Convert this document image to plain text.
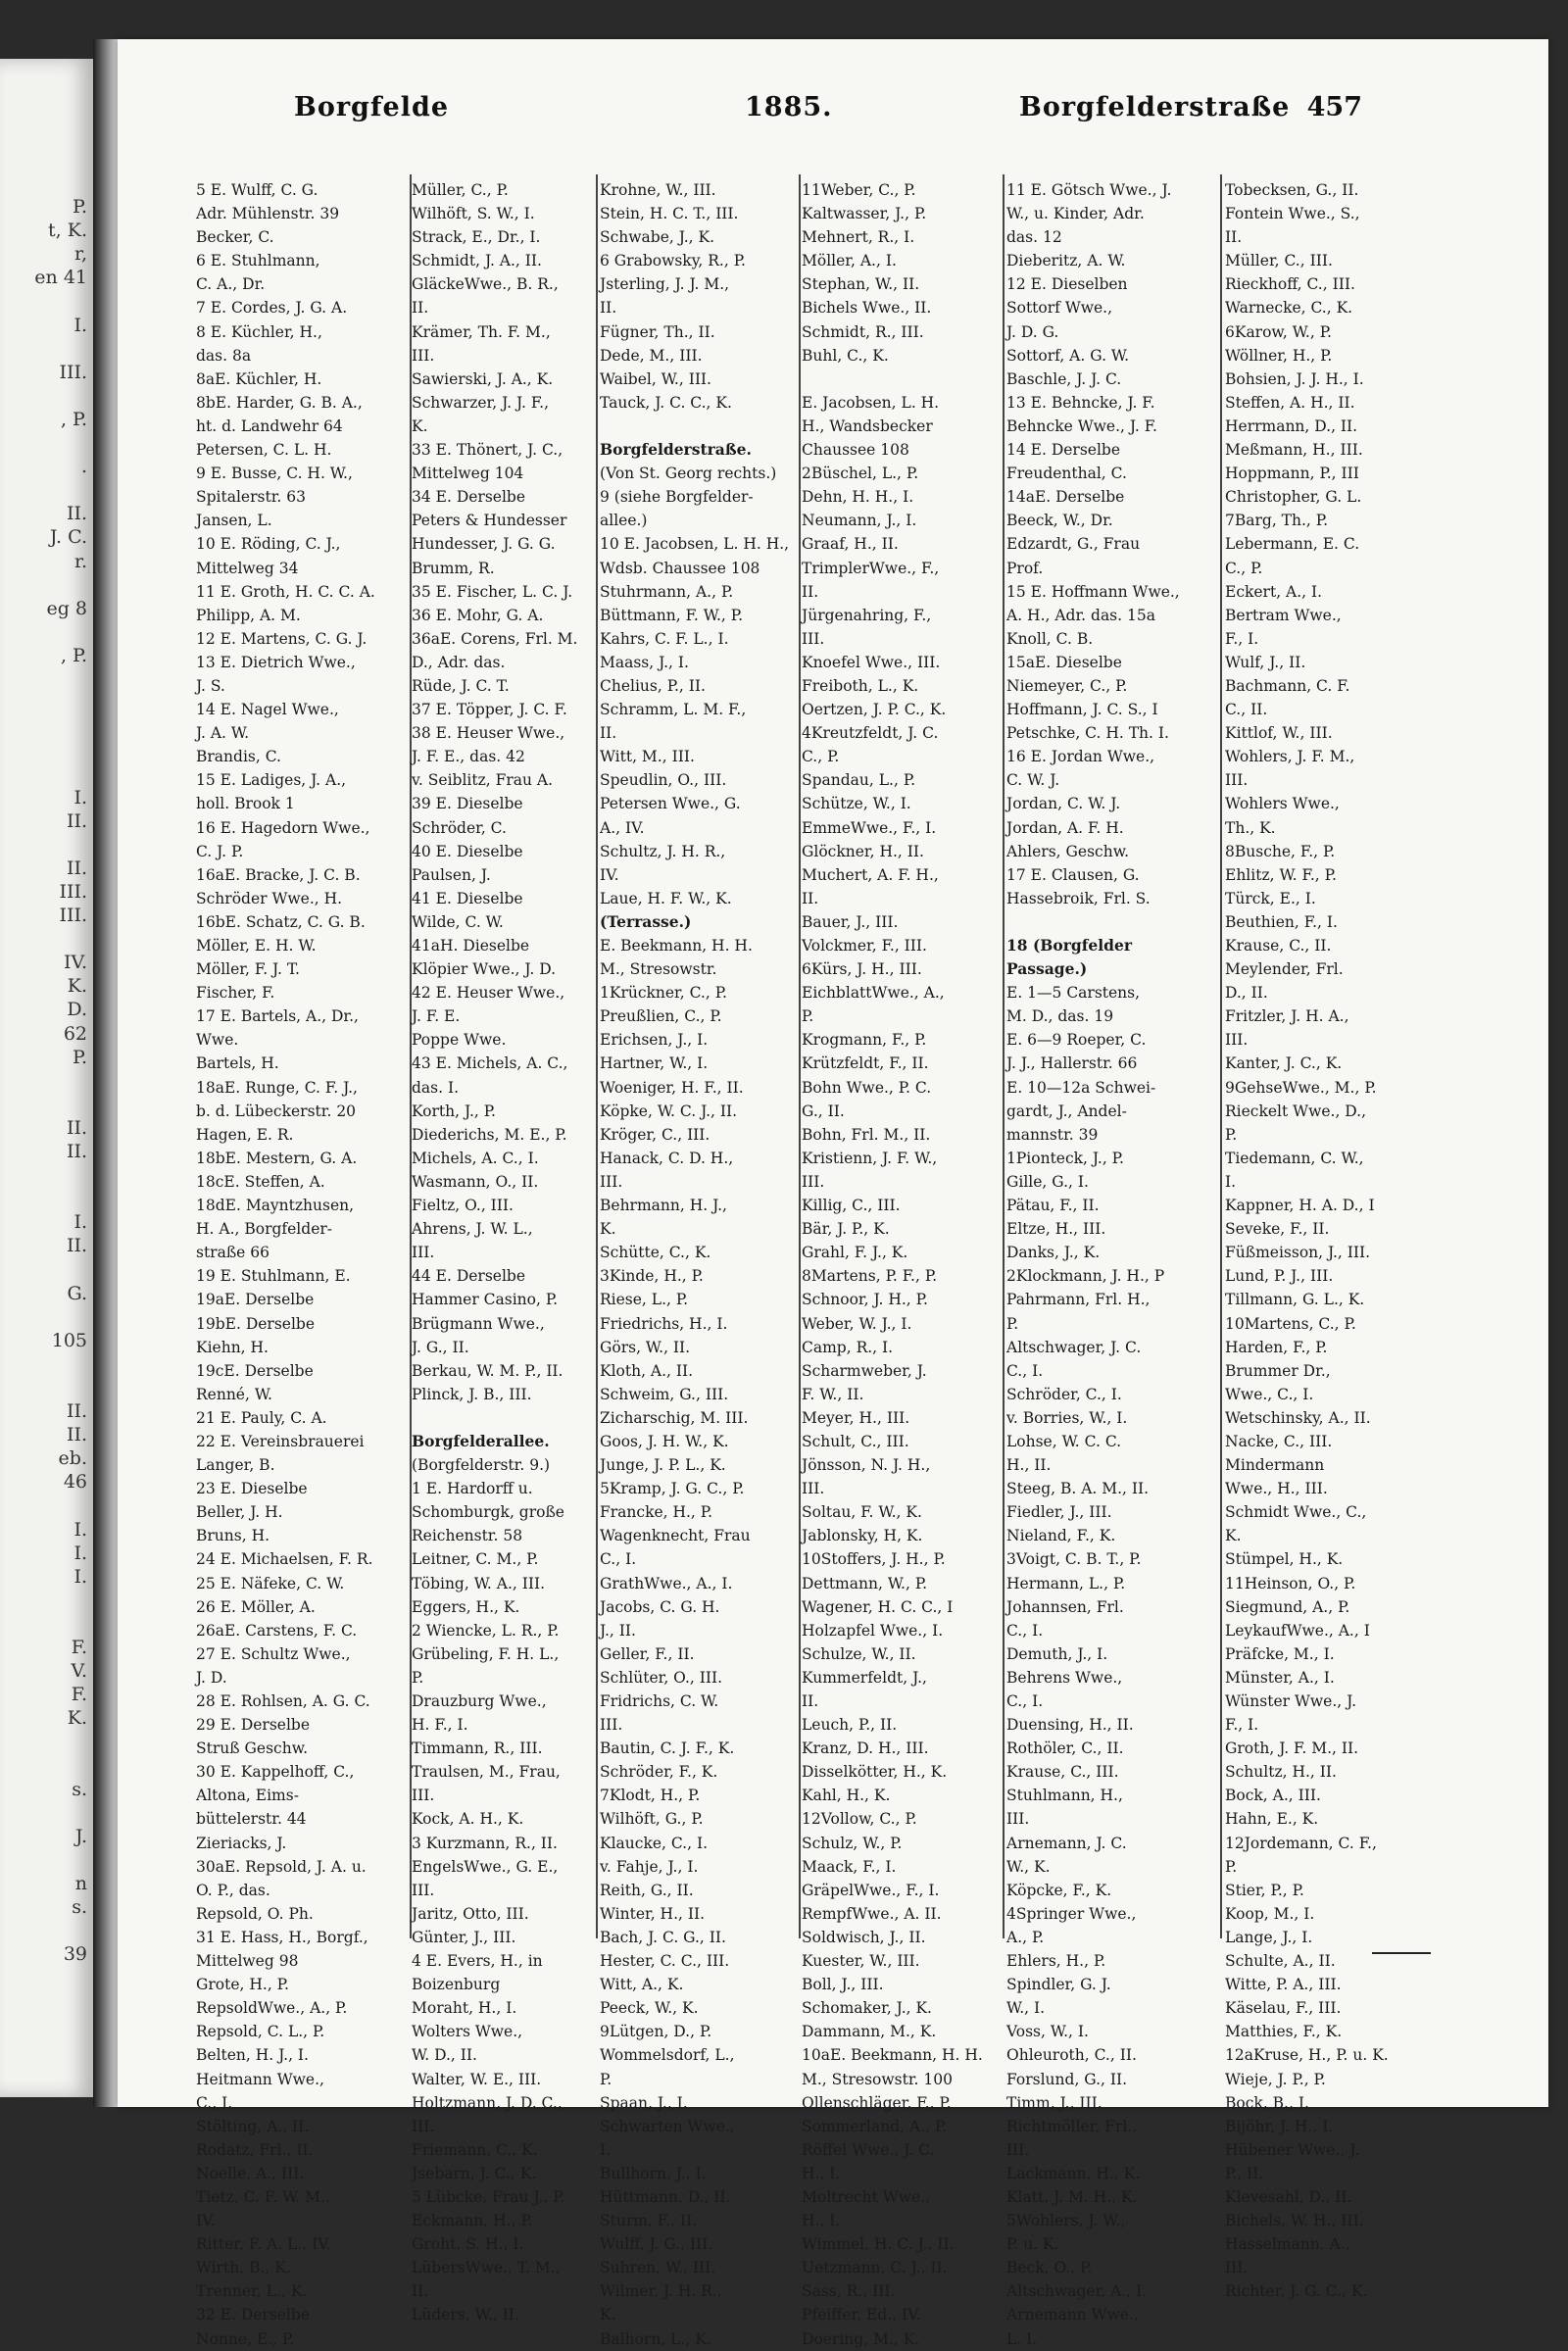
P.
t, K.
r,
en 41
I.
III.
, P.
.
II.
J. C.
r.
eg 8
, P.
I.
II.
II.
III.
III.
IV.
K.
D.
62
P.
II.
II.
I.
II.
G.
105
II.
II.
eb.
46
I.
I.
I.
F.
V.
F.
K.
s.
J.
n
s.
39
Borgfelde	1885.	Borgfelderstraße 457
5 E. Wulff, C. G.
Adr. Mühlenstr. 39
Becker, C.
6 E. Stuhlmann,
C. A., Dr.
7 E. Cordes, J. G. A.
8 E. Küchler, H.,
das. 8a
8aE. Küchler, H.
8bE. Harder, G. B. A.,
ht. d. Landwehr 64
Petersen, C. L. H.
9 E. Busse, C. H. W.,
Spitalerstr. 63
Jansen, L.
10 E. Röding, C. J.,
Mittelweg 34
11 E. Groth, H. C. C. A.
Philipp, A. M.
12 E. Martens, C. G. J.
13 E. Dietrich Wwe.,
J. S.
14 E. Nagel Wwe.,
J. A. W.
Brandis, C.
15 E. Ladiges, J. A.,
holl. Brook 1
16 E. Hagedorn Wwe.,
C. J. P.
16aE. Bracke, J. C. B.
Schröder Wwe., H.
16bE. Schatz, C. G. B.
Möller, E. H. W.
Möller, F. J. T.
Fischer, F.
17 E. Bartels, A., Dr.,
Wwe.
Bartels, H.
18aE. Runge, C. F. J.,
b. d. Lübeckerstr. 20
Hagen, E. R.
18bE. Mestern, G. A.
18cE. Steffen, A.
18dE. Mayntzhusen,
H. A., Borgfelder-
straße 66
19 E. Stuhlmann, E.
19aE. Derselbe
19bE. Derselbe
Kiehn, H.
19cE. Derselbe
Renné, W.
21 E. Pauly, C. A.
22 E. Vereinsbrauerei
Langer, B.
23 E. Dieselbe
Beller, J. H.
Bruns, H.
24 E. Michaelsen, F. R.
25 E. Näfeke, C. W.
26 E. Möller, A.
26aE. Carstens, F. C.
27 E. Schultz Wwe.,
J. D.
28 E. Rohlsen, A. G. C.
29 E. Derselbe
Struß Geschw.
30 E. Kappelhoff, C.,
Altona, Eims-
büttelerstr. 44
Zieriacks, J.
30aE. Repsold, J. A. u.
O. P., das.
Repsold, O. Ph.
31 E. Hass, H., Borgf.,
Mittelweg 98
Grote, H., P.
RepsoldWwe., A., P.
Repsold, C. L., P.
Belten, H. J., I.
Heitmann Wwe.,
C., I.
Stölting, A., II.
Rodatz, Frl., II.
Noelle, A., III.
Tietz, C. F. W. M.,
IV.
Ritter, F. A. L., IV.
Wirth, B., K.
Trenner, L., K.
32 E. Derselbe
Nonne, E., P.
Müller, C., P.
Wilhöft, S. W., I.
Strack, E., Dr., I.
Schmidt, J. A., II.
GläckeWwe., B. R.,
II.
Krämer, Th. F. M.,
III.
Sawierski, J. A., K.
Schwarzer, J. J. F.,
K.
33 E. Thönert, J. C.,
Mittelweg 104
34 E. Derselbe
Peters & Hundesser
Hundesser, J. G. G.
Brumm, R.
35 E. Fischer, L. C. J.
36 E. Mohr, G. A.
36aE. Corens, Frl. M.
D., Adr. das.
Rüde, J. C. T.
37 E. Töpper, J. C. F.
38 E. Heuser Wwe.,
J. F. E., das. 42
v. Seiblitz, Frau A.
39 E. Dieselbe
Schröder, C.
40 E. Dieselbe
Paulsen, J.
41 E. Dieselbe
Wilde, C. W.
41aH. Dieselbe
Klöpier Wwe., J. D.
42 E. Heuser Wwe.,
J. F. E.
Poppe Wwe.
43 E. Michels, A. C.,
das. I.
Korth, J., P.
Diederichs, M. E., P.
Michels, A. C., I.
Wasmann, O., II.
Fieltz, O., III.
Ahrens, J. W. L.,
III.
44 E. Derselbe
Hammer Casino, P.
Brügmann Wwe.,
J. G., II.
Berkau, W. M. P., II.
Plinck, J. B., III.

Borgfelderallee.
(Borgfelderstr. 9.)
1 E. Hardorff u.
Schomburgk, große
Reichenstr. 58
Leitner, C. M., P.
Töbing, W. A., III.
Eggers, H., K.
2 Wiencke, L. R., P.
Grübeling, F. H. L.,
P.
Drauzburg Wwe.,
H. F., I.
Timmann, R., III.
Traulsen, M., Frau,
III.
Kock, A. H., K.
3 Kurzmann, R., II.
EngelsWwe., G. E.,
III.
Jaritz, Otto, III.
Günter, J., III.
4 E. Evers, H., in
Boizenburg
Moraht, H., I.
Wolters Wwe.,
W. D., II.
Walter, W. E., III.
Holtzmann, J. D. C.,
III.
Friemann, C., K.
Jsebarn, J. C., K.
5 Lübcke, Frau J., P.
Eckmann, H., P.
Groht, S. H., I.
LübersWwe., T. M.,
II.
Lüders, W., II.
Krohne, W., III.
Stein, H. C. T., III.
Schwabe, J., K.
6 Grabowsky, R., P.
Jsterling, J. J. M.,
II.
Fügner, Th., II.
Dede, M., III.
Waibel, W., III.
Tauck, J. C. C., K.

Borgfelderstraße.
(Von St. Georg rechts.)
9 (siehe Borgfelder-
allee.)
10 E. Jacobsen, L. H. H.,
Wdsb. Chaussee 108
Stuhrmann, A., P.
Büttmann, F. W., P.
Kahrs, C. F. L., I.
Maass, J., I.
Chelius, P., II.
Schramm, L. M. F.,
II.
Witt, M., III.
Speudlin, O., III.
Petersen Wwe., G.
A., IV.
Schultz, J. H. R.,
IV.
Laue, H. F. W., K.
(Terrasse.)
E. Beekmann, H. H.
M., Stresowstr.
1Krückner, C., P.
Preußlien, C., P.
Erichsen, J., I.
Hartner, W., I.
Woeniger, H. F., II.
Köpke, W. C. J., II.
Kröger, C., III.
Hanack, C. D. H.,
III.
Behrmann, H. J.,
K.
Schütte, C., K.
3Kinde, H., P.
Riese, L., P.
Friedrichs, H., I.
Görs, W., II.
Kloth, A., II.
Schweim, G., III.
Zicharschig, M. III.
Goos, J. H. W., K.
Junge, J. P. L., K.
5Kramp, J. G. C., P.
Francke, H., P.
Wagenknecht, Frau
C., I.
GrathWwe., A., I.
Jacobs, C. G. H.
J., II.
Geller, F., II.
Schlüter, O., III.
Fridrichs, C. W.
III.
Bautin, C. J. F., K.
Schröder, F., K.
7Klodt, H., P.
Wilhöft, G., P.
Klaucke, C., I.
v. Fahje, J., I.
Reith, G., II.
Winter, H., II.
Bach, J. C. G., II.
Hester, C. C., III.
Witt, A., K.
Peeck, W., K.
9Lütgen, D., P.
Wommelsdorf, L.,
P.
Spaan, J., I.
Schwarten Wwe.,
I.
Bullhorn, J., I.
Hüttmann, D., II.
Sturm, F., II.
Wulff, J. G., III.
Suhren, W., III.
Wilmer, J. H. R.,
K.
Balhorn, L., K.
11Weber, C., P.
Kaltwasser, J., P.
Mehnert, R., I.
Möller, A., I.
Stephan, W., II.
Bichels Wwe., II.
Schmidt, R., III.
Buhl, C., K.

E. Jacobsen, L. H.
H., Wandsbecker
Chaussee 108
2Büschel, L., P.
Dehn, H. H., I.
Neumann, J., I.
Graaf, H., II.
TrimplerWwe., F.,
II.
Jürgenahring, F.,
III.
Knoefel Wwe., III.
Freiboth, L., K.
Oertzen, J. P. C., K.
4Kreutzfeldt, J. C.
C., P.
Spandau, L., P.
Schütze, W., I.
EmmeWwe., F., I.
Glöckner, H., II.
Muchert, A. F. H.,
II.
Bauer, J., III.
Volckmer, F., III.
6Kürs, J. H., III.
EichblattWwe., A.,
P.
Krogmann, F., P.
Krützfeldt, F., II.
Bohn Wwe., P. C.
G., II.
Bohn, Frl. M., II.
Kristienn, J. F. W.,
III.
Killig, C., III.
Bär, J. P., K.
Grahl, F. J., K.
8Martens, P. F., P.
Schnoor, J. H., P.
Weber, W. J., I.
Camp, R., I.
Scharmweber, J.
F. W., II.
Meyer, H., III.
Schult, C., III.
Jönsson, N. J. H.,
III.
Soltau, F. W., K.
Jablonsky, H, K.
10Stoffers, J. H., P.
Dettmann, W., P.
Wagener, H. C. C., I
Holzapfel Wwe., I.
Schulze, W., II.
Kummerfeldt, J.,
II.
Leuch, P., II.
Kranz, D. H., III.
Disselkötter, H., K.
Kahl, H., K.
12Vollow, C., P.
Schulz, W., P.
Maack, F., I.
GräpelWwe., F., I.
RempfWwe., A. II.
Soldwisch, J., II.
Kuester, W., III.
Boll, J., III.
Schomaker, J., K.
Dammann, M., K.
10aE. Beekmann, H. H.
M., Stresowstr. 100
Ollenschläger, F., P.
Sommerland, A., P.
Röffel Wwe., J. C.
H., I.
Moltrecht Wwe.,
H., I.
Wimmel, H. C. J., II.
Uetzmann, C. J., II.
Sass, R., III.
Pfeiffer, Ed., IV.
Doering, M., K.
11 E. Götsch Wwe., J.
W., u. Kinder, Adr.
das. 12
Dieberitz, A. W.
12 E. Dieselben
Sottorf Wwe.,
J. D. G.
Sottorf, A. G. W.
Baschle, J. J. C.
13 E. Behncke, J. F.
Behncke Wwe., J. F.
14 E. Derselbe
Freudenthal, C.
14aE. Derselbe
Beeck, W., Dr.
Edzardt, G., Frau
Prof.
15 E. Hoffmann Wwe.,
A. H., Adr. das. 15a
Knoll, C. B.
15aE. Dieselbe
Niemeyer, C., P.
Hoffmann, J. C. S., I
Petschke, C. H. Th. I.
16 E. Jordan Wwe.,
C. W. J.
Jordan, C. W. J.
Jordan, A. F. H.
Ahlers, Geschw.
17 E. Clausen, G.
Hassebroik, Frl. S.

18 (Borgfelder
Passage.)
E. 1—5 Carstens,
M. D., das. 19
E. 6—9 Roeper, C.
J. J., Hallerstr. 66
E. 10—12a Schwei-
gardt, J., Andel-
mannstr. 39
1Pionteck, J., P.
Gille, G., I.
Pätau, F., II.
Eltze, H., III.
Danks, J., K.
2Klockmann, J. H., P
Pahrmann, Frl. H.,
P.
Altschwager, J. C.
C., I.
Schröder, C., I.
v. Borries, W., I.
Lohse, W. C. C.
H., II.
Steeg, B. A. M., II.
Fiedler, J., III.
Nieland, F., K.
3Voigt, C. B. T., P.
Hermann, L., P.
Johannsen, Frl.
C., I.
Demuth, J., I.
Behrens Wwe.,
C., I.
Duensing, H., II.
Rothöler, C., II.
Krause, C., III.
Stuhlmann, H.,
III.
Arnemann, J. C.
W., K.
Köpcke, F., K.
4Springer Wwe.,
A., P.
Ehlers, H., P.
Spindler, G. J.
W., I.
Voss, W., I.
Ohleuroth, C., II.
Forslund, G., II.
Timm, J., III.
Richtmöller, Frl.,
III.
Lackmann, H., K.
Klatt, J. M. H., K.
5Wohlers, J. W.,
P. u. K.
Beck, O., P.
Altschwager, A., I.
Arnemann Wwe.,
L. I.
Tobecksen, G., II.
Fontein Wwe., S.,
II.
Müller, C., III.
Rieckhoff, C., III.
Warnecke, C., K.
6Karow, W., P.
Wöllner, H., P.
Bohsien, J. J. H., I.
Steffen, A. H., II.
Herrmann, D., II.
Meßmann, H., III.
Hoppmann, P., III
Christopher, G. L.
7Barg, Th., P.
Lebermann, E. C.
C., P.
Eckert, A., I.
Bertram Wwe.,
F., I.
Wulf, J., II.
Bachmann, C. F.
C., II.
Kittlof, W., III.
Wohlers, J. F. M.,
III.
Wohlers Wwe.,
Th., K.
8Busche, F., P.
Ehlitz, W. F., P.
Türck, E., I.
Beuthien, F., I.
Krause, C., II.
Meylender, Frl.
D., II.
Fritzler, J. H. A.,
III.
Kanter, J. C., K.
9GehseWwe., M., P.
Rieckelt Wwe., D.,
P.
Tiedemann, C. W.,
I.
Kappner, H. A. D., I
Seveke, F., II.
Füßmeisson, J., III.
Lund, P. J., III.
Tillmann, G. L., K.
10Martens, C., P.
Harden, F., P.
Brummer Dr.,
Wwe., C., I.
Wetschinsky, A., II.
Nacke, C., III.
Mindermann
Wwe., H., III.
Schmidt Wwe., C.,
K.
Stümpel, H., K.
11Heinson, O., P.
Siegmund, A., P.
LeykaufWwe., A., I
Präfcke, M., I.
Münster, A., I.
Wünster Wwe., J.
F., I.
Groth, J. F. M., II.
Schultz, H., II.
Bock, A., III.
Hahn, E., K.
12Jordemann, C. F.,
P.
Stier, P., P.
Koop, M., I.
Lange, J., I.
Schulte, A., II.
Witte, P. A., III.
Käselau, F., III.
Matthies, F., K.
12aKruse, H., P. u. K.
Wieje, J. P., P.
Bock, B., I.
Bijöhr, J. H., I.
Hübener Wwe., J.
P., II.
Klevesahl, D., II.
Bichels, W. H., III.
Hasselmann, A.,
III.
Richter, J. G. C., K.
